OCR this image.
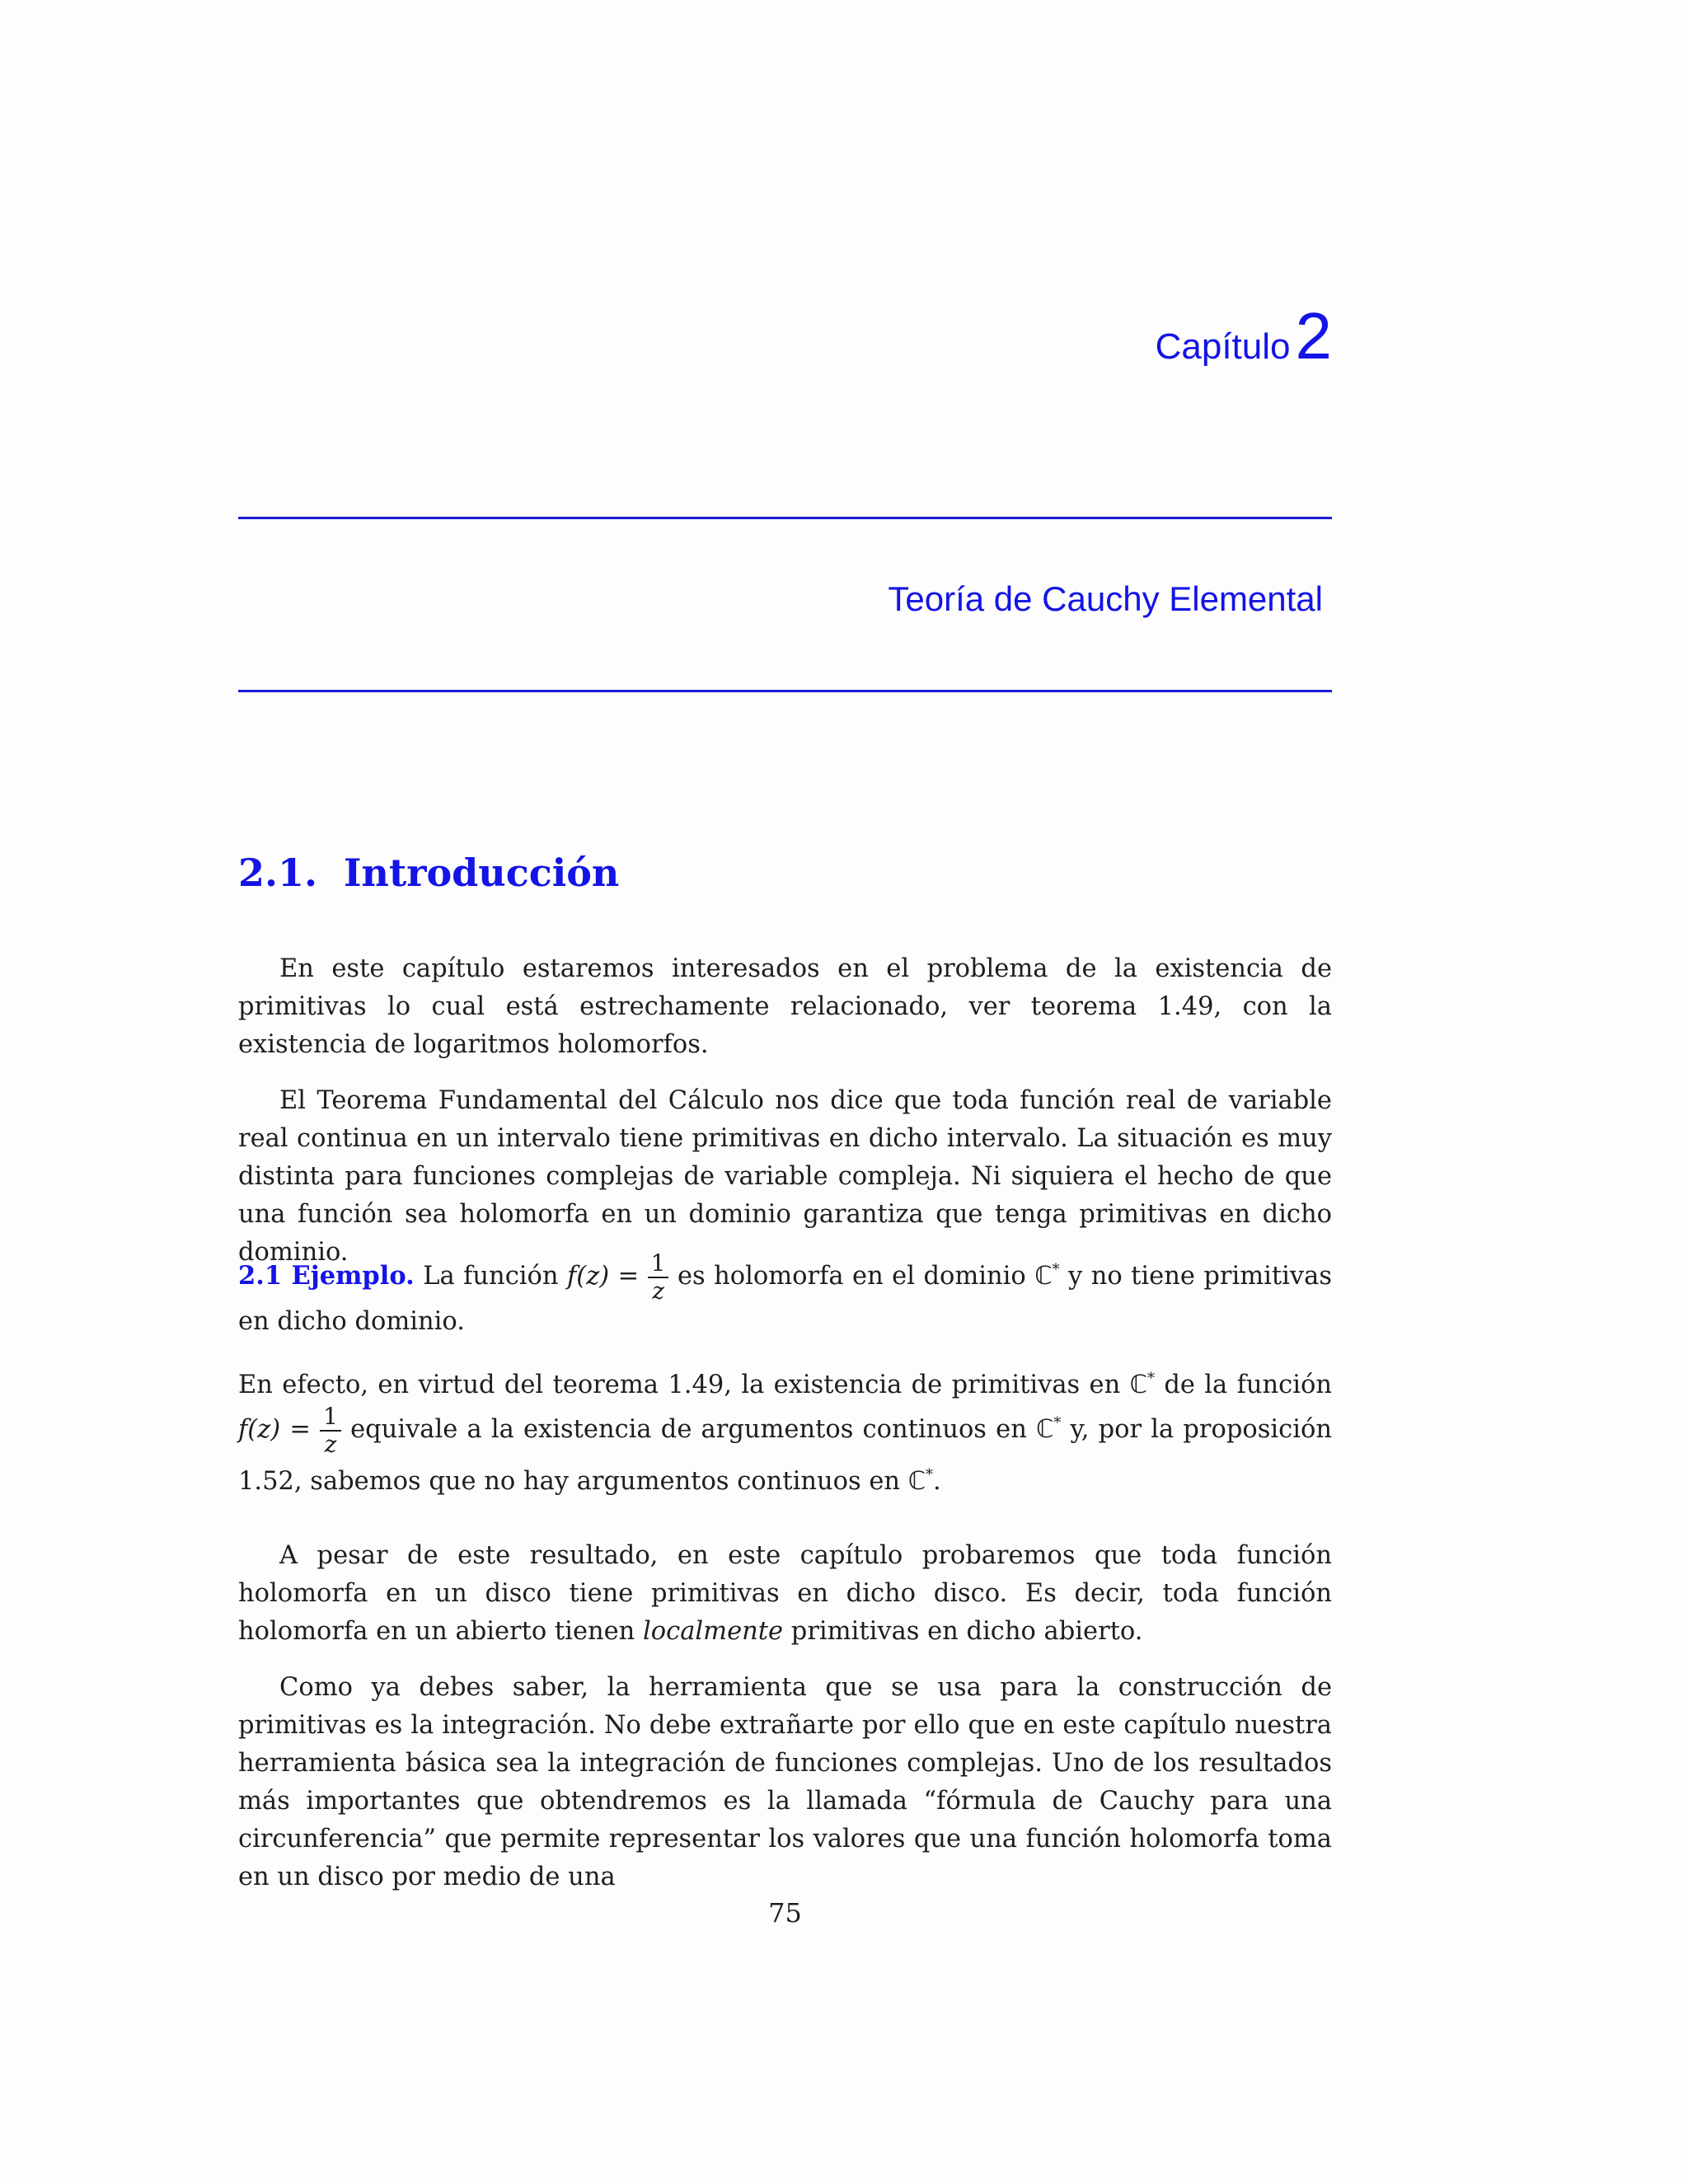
Capítulo2
Teoría de Cauchy Elemental
2.1. Introducción
En este capítulo estaremos interesados en el problema de la existencia de primitivas lo cual está estrechamente relacionado, ver teorema 1.49, con la existencia de logaritmos holomorfos.
El Teorema Fundamental del Cálculo nos dice que toda función real de variable real continua en un intervalo tiene primitivas en dicho intervalo. La situación es muy distinta para funciones complejas de variable compleja. Ni siquiera el hecho de que una función sea holomorfa en un dominio garantiza que tenga primitivas en dicho dominio.
2.1 Ejemplo. La función $f(z) = \frac{1}{z}$ es holomorfa en el dominio ℂ* y no tiene primitivas en dicho dominio.
En efecto, en virtud del teorema 1.49, la existencia de primitivas en ℂ* de la función $f(z) = \frac{1}{z}$ equivale a la existencia de argumentos continuos en ℂ* y, por la proposición 1.52, sabemos que no hay argumentos continuos en ℂ*.
A pesar de este resultado, en este capítulo probaremos que toda función holomorfa en un disco tiene primitivas en dicho disco. Es decir, toda función holomorfa en un abierto tienen localmente primitivas en dicho abierto.
Como ya debes saber, la herramienta que se usa para la construcción de primitivas es la integración. No debe extrañarte por ello que en este capítulo nuestra herramienta básica sea la integración de funciones complejas. Uno de los resultados más importantes que obtendremos es la llamada “fórmula de Cauchy para una circunferencia” que permite representar los valores que una función holomorfa toma en un disco por medio de una
75
